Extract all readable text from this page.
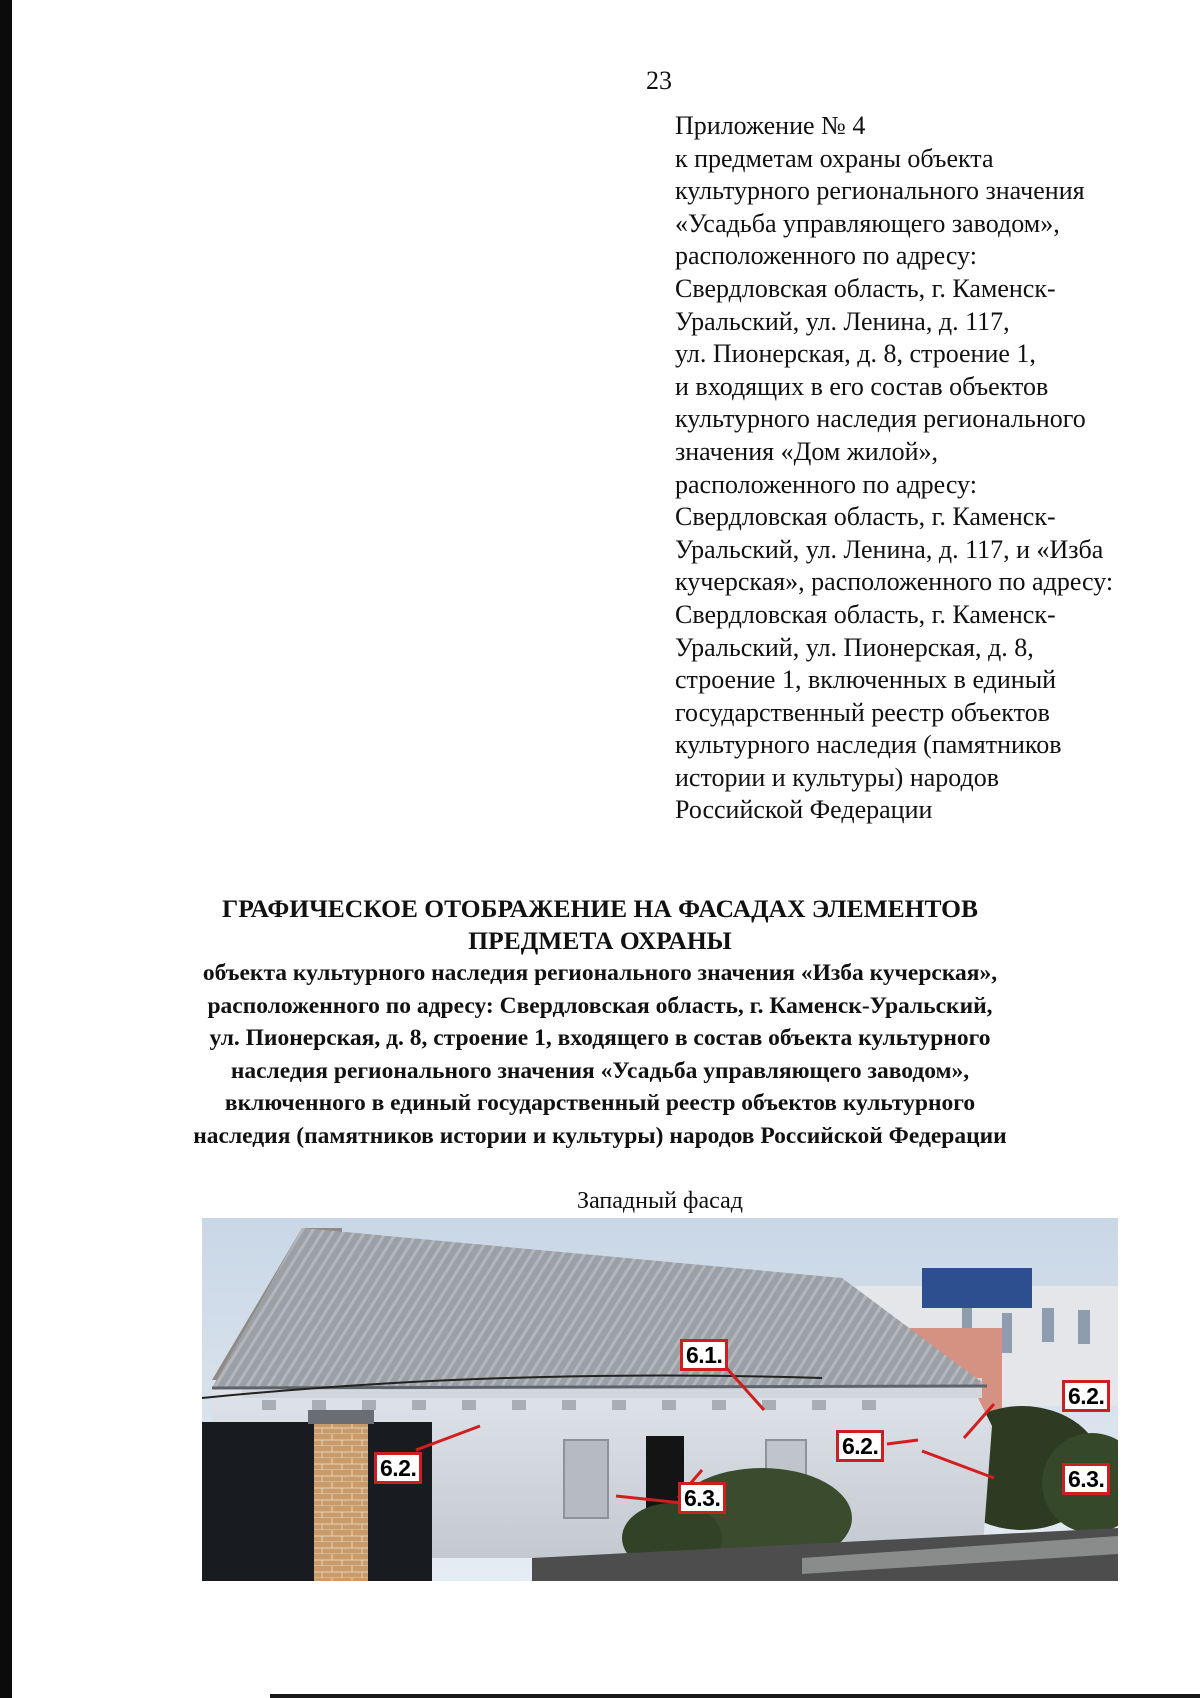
23
Приложение № 4
к предметам охраны объекта
культурного регионального значения
«Усадьба управляющего заводом»,
расположенного по адресу:
Свердловская область, г. Каменск-
Уральский, ул. Ленина, д. 117,
ул. Пионерская, д. 8, строение 1,
и входящих в его состав объектов
культурного наследия регионального
значения «Дом жилой»,
расположенного по адресу:
Свердловская область, г. Каменск-
Уральский, ул. Ленина, д. 117, и «Изба
кучерская», расположенного по адресу:
Свердловская область, г. Каменск-
Уральский, ул. Пионерская, д. 8,
строение 1, включенных в единый
государственный реестр объектов
культурного наследия (памятников
истории и культуры) народов
Российской Федерации
ГРАФИЧЕСКОЕ ОТОБРАЖЕНИЕ НА ФАСАДАХ ЭЛЕМЕНТОВ
ПРЕДМЕТА ОХРАНЫ
объекта культурного наследия регионального значения «Изба кучерская»,
расположенного по адресу: Свердловская область, г. Каменск-Уральский,
ул. Пионерская, д. 8, строение 1, входящего в состав объекта культурного
наследия регионального значения «Усадьба управляющего заводом»,
включенного в единый государственный реестр объектов культурного
наследия (памятников истории и культуры) народов Российской Федерации
Западный фасад
6.1.
6.2.
6.2.
6.2.
6.3.
6.3.
